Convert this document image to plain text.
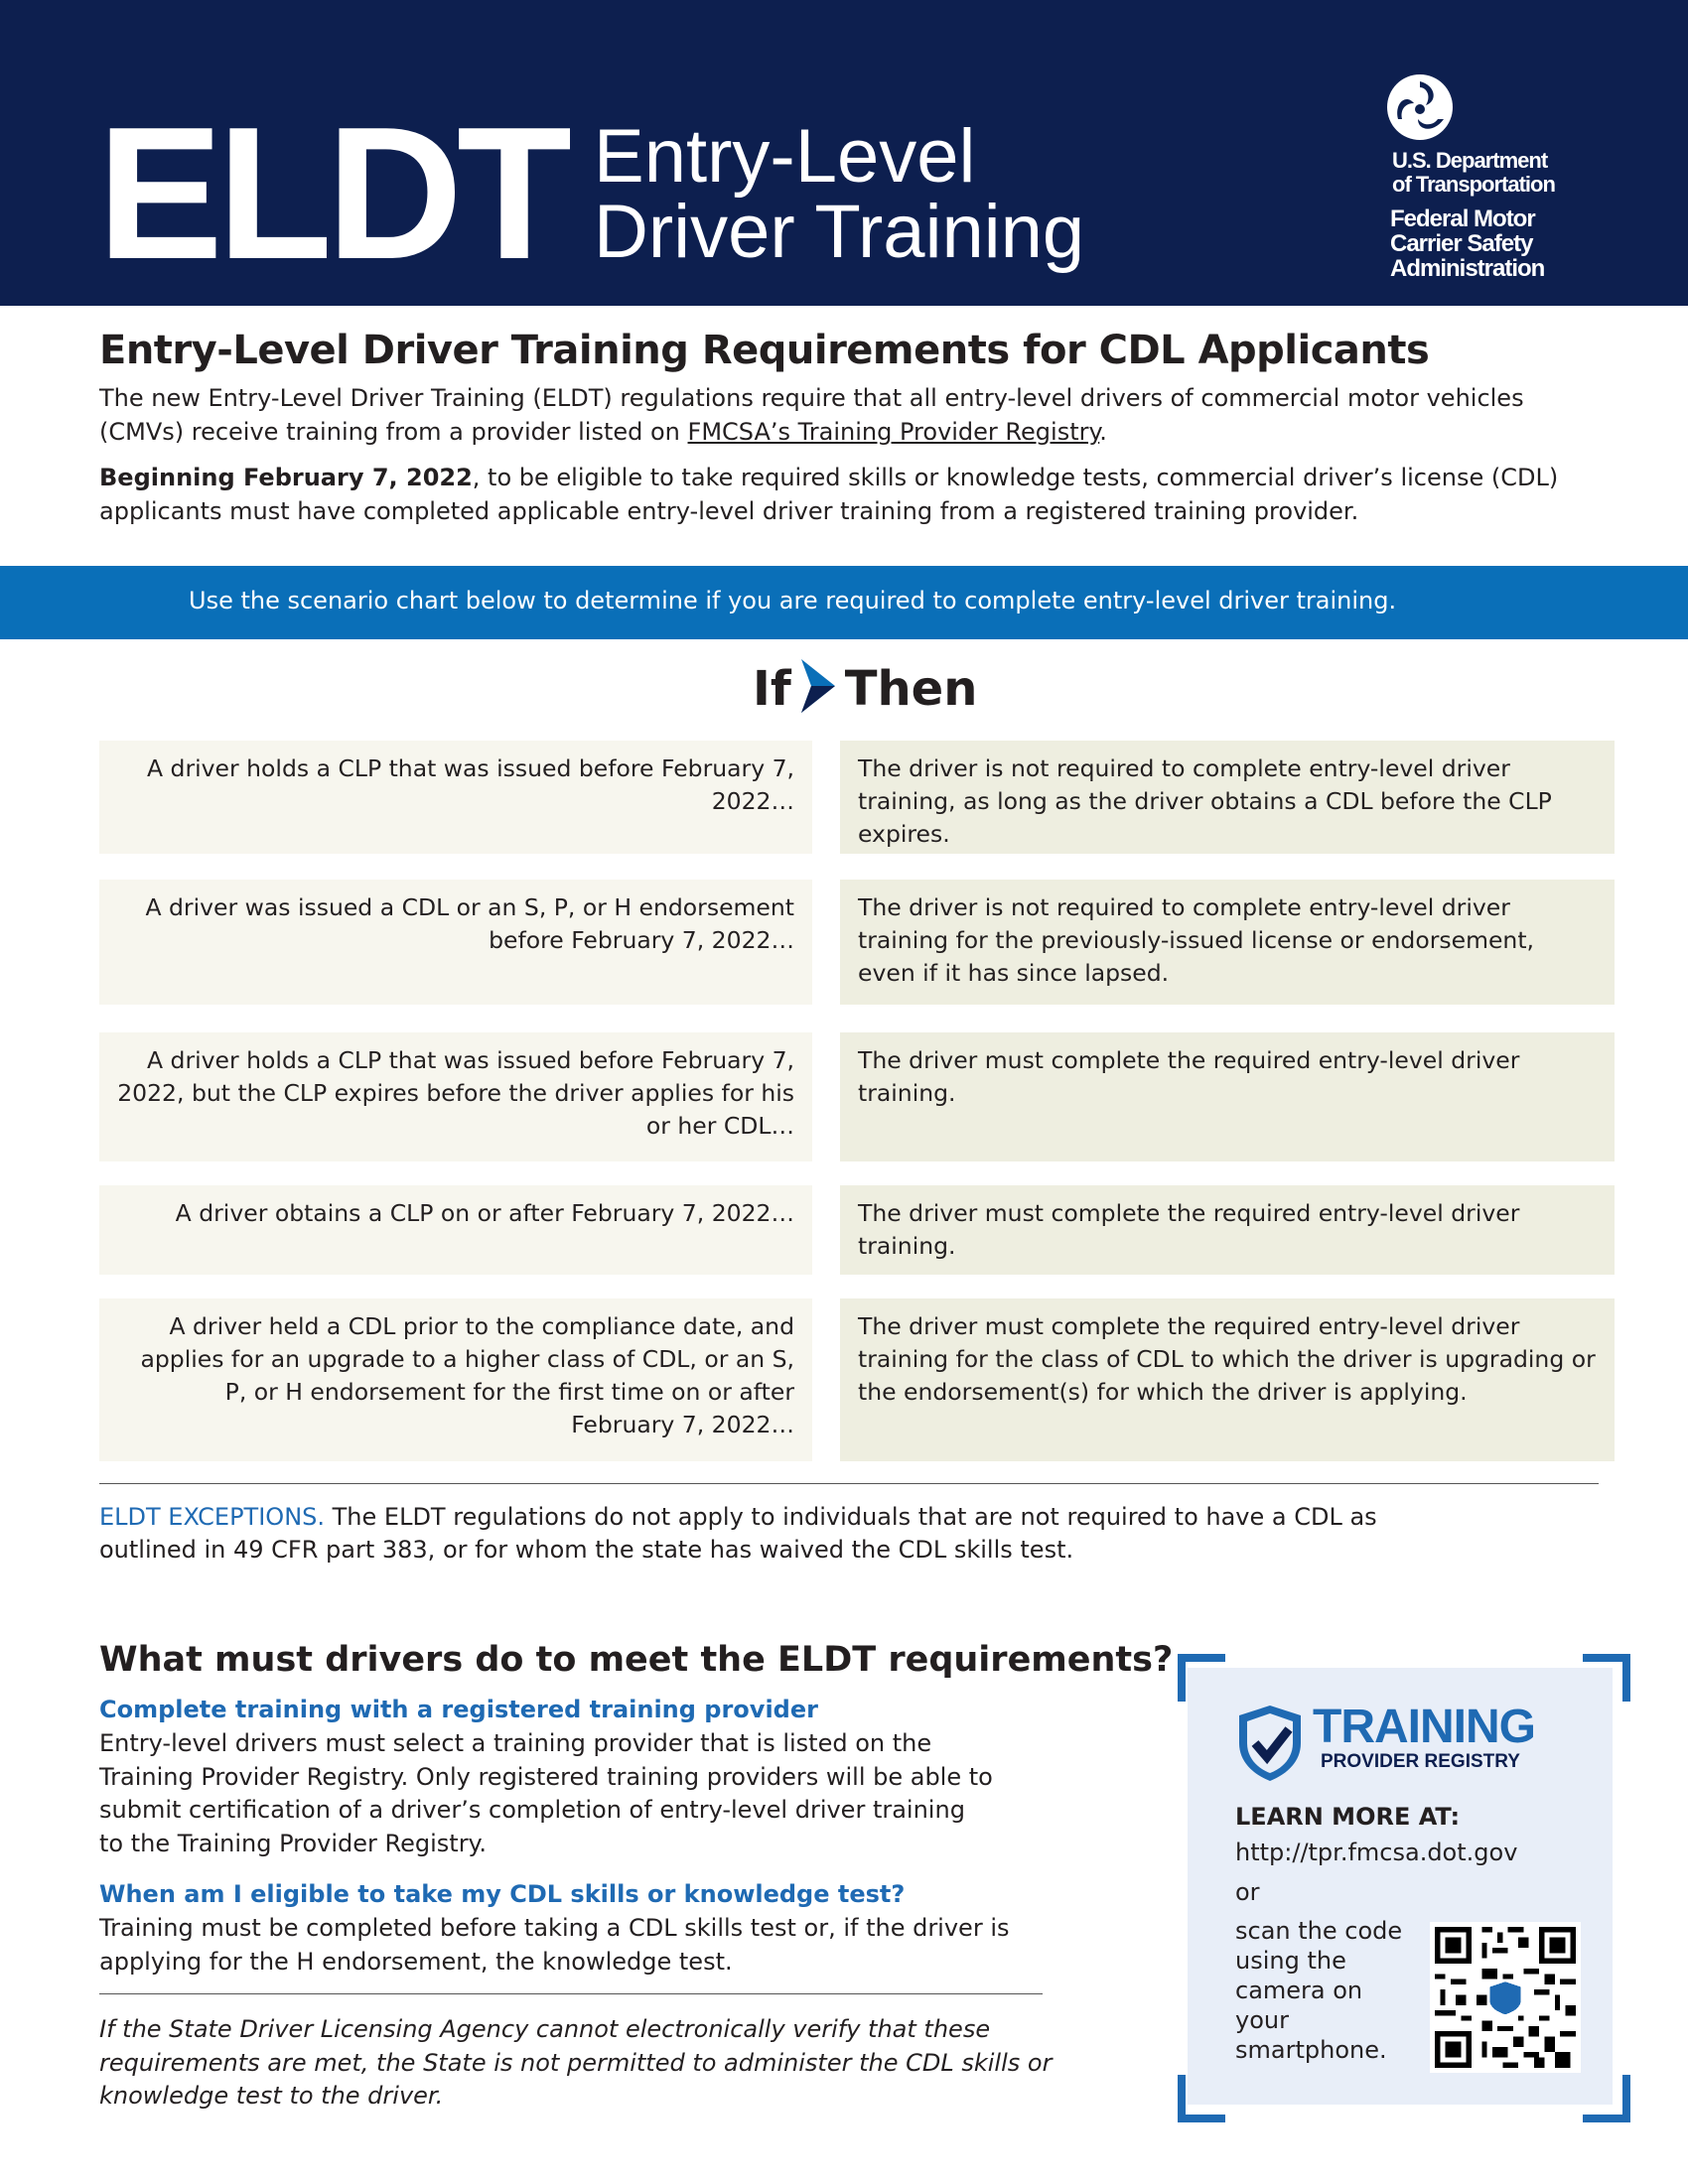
ELDT Entry-Level
Driver Training
U.S. Department
of Transportation
Federal Motor
Carrier Safety
Administration
Entry-Level Driver Training Requirements for CDL Applicants
The new Entry-Level Driver Training (ELDT) regulations require that all entry-level drivers of commercial motor vehicles (CMVs) receive training from a provider listed on FMCSA’s Training Provider Registry.
Beginning February 7, 2022, to be eligible to take required skills or knowledge tests, commercial driver’s license (CDL) applicants must have completed applicable entry-level driver training from a registered training provider.
Use the scenario chart below to determine if you are required to complete entry-level driver training.
If Then
A driver holds a CLP that was issued before February 7, 2022…
The driver is not required to complete entry-level driver training, as long as the driver obtains a CDL before the CLP expires.
A driver was issued a CDL or an S, P, or H endorsement before February 7, 2022…
The driver is not required to complete entry-level driver training for the previously-issued license or endorsement, even if it has since lapsed.
A driver holds a CLP that was issued before February 7, 2022, but the CLP expires before the driver applies for his or her CDL…
The driver must complete the required entry-level driver training.
A driver obtains a CLP on or after February 7, 2022…	The driver must complete the required entry-level driver training.
A driver held a CDL prior to the compliance date, and applies for an upgrade to a higher class of CDL, or an S, P, or H endorsement for the first time on or after February 7, 2022…
The driver must complete the required entry-level driver training for the class of CDL to which the driver is upgrading or the endorsement(s) for which the driver is applying.
ELDT EXCEPTIONS. The ELDT regulations do not apply to individuals that are not required to have a CDL as outlined in 49 CFR part 383, or for whom the state has waived the CDL skills test.
What must drivers do to meet the ELDT requirements?
Complete training with a registered training provider
Entry-level drivers must select a training provider that is listed on the Training Provider Registry. Only registered training providers will be able to submit certification of a driver’s completion of entry-level driver training to the Training Provider Registry.
When am I eligible to take my CDL skills or knowledge test?
Training must be completed before taking a CDL skills test or, if the driver is applying for the H endorsement, the knowledge test.
If the State Driver Licensing Agency cannot electronically verify that these requirements are met, the State is not permitted to administer the CDL skills or knowledge test to the driver.
TRAINING
PROVIDER REGISTRY
LEARN MORE AT:
http://tpr.fmcsa.dot.gov
or
scan the code using the camera on your smartphone.
